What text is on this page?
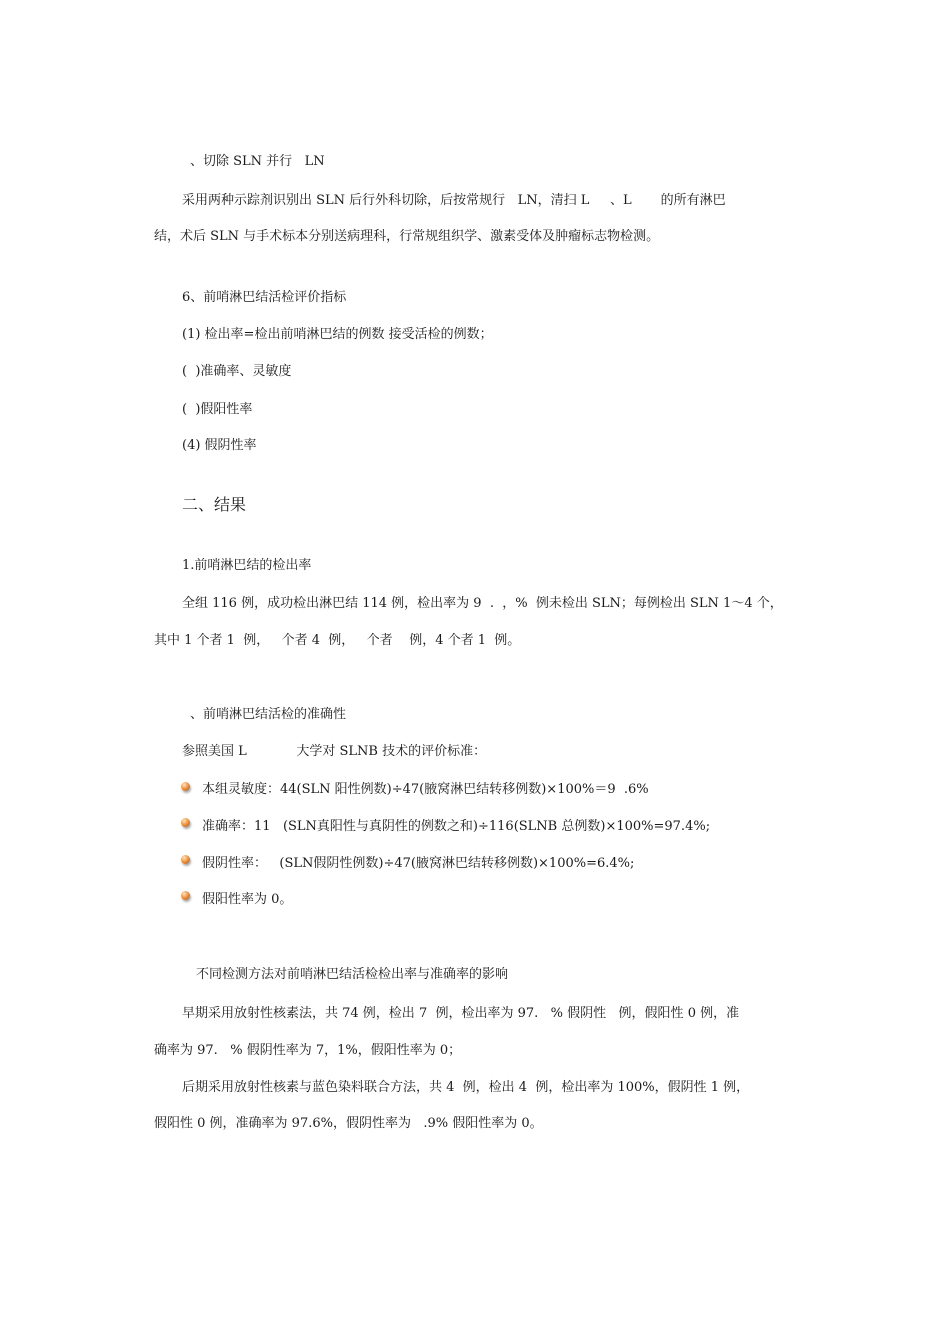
、切除 SLN 并行   LN
采用两种示踪剂识别出 SLN 后行外科切除，后按常规行   LN，清扫 L     、L       的所有淋巴
结，术后 SLN 与手术标本分别送病理科，行常规组织学、激素受体及肿瘤标志物检测。
6、前哨淋巴结活检评价指标
(1) 检出率=检出前哨淋巴结的例数 接受活检的例数；
(  )准确率、灵敏度
(  )假阳性率
(4) 假阴性率
二、结果
1.前哨淋巴结的检出率
全组 116 例，成功检出淋巴结 114 例，检出率为 9  .  ，%  例未检出 SLN；每例检出 SLN 1～4 个，
其中 1 个者 1  例，   个者 4  例，   个者    例，4 个者 1  例。
、前哨淋巴结活检的准确性
参照美国 L            大学对 SLNB 技术的评价标准：
本组灵敏度：44(SLN 阳性例数)÷47(腋窝淋巴结转移例数)×100%＝9  .6%
准确率：11   (SLN真阳性与真阴性的例数之和)÷116(SLNB 总例数)×100%=97.4%;
假阴性率：   (SLN假阴性例数)÷47(腋窝淋巴结转移例数)×100%=6.4%;
假阳性率为 0。
不同检测方法对前哨淋巴结活检检出率与准确率的影响
早期采用放射性核素法，共 74 例，检出 7  例，检出率为 97.   % 假阴性   例，假阳性 0 例，准
确率为 97.   % 假阴性率为 7，1%，假阳性率为 0；
后期采用放射性核素与蓝色染料联合方法，共 4  例，检出 4  例，检出率为 100%，假阴性 1 例，
假阳性 0 例，准确率为 97.6%，假阴性率为   .9% 假阳性率为 0。
